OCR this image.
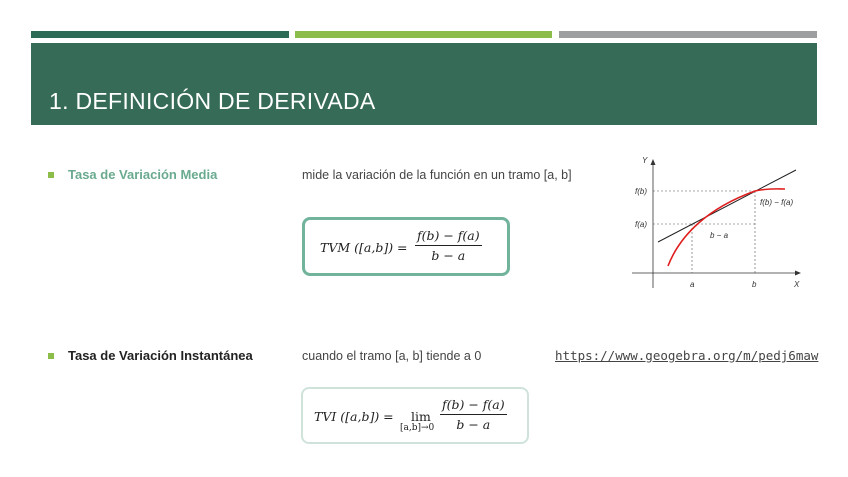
1. DEFINICIÓN DE DERIVADA
Tasa de Variación Media	mide la variación de la función en un tramo [a, b]
TVM $([a,b]) = \frac{f(b) - f(a)}{b - a}$
Y
X
f(b)
f(a)
a	b
f(b) − f(a)
b − a
Tasa de Variación Instantánea	cuando el tramo [a, b] tiende a 0	https://www.geogebra.org/m/pedj6maw
TVI ([a,b]) = lim
$[a,b]\to 0 \frac{f(b) - f(a)}{b - a}$
